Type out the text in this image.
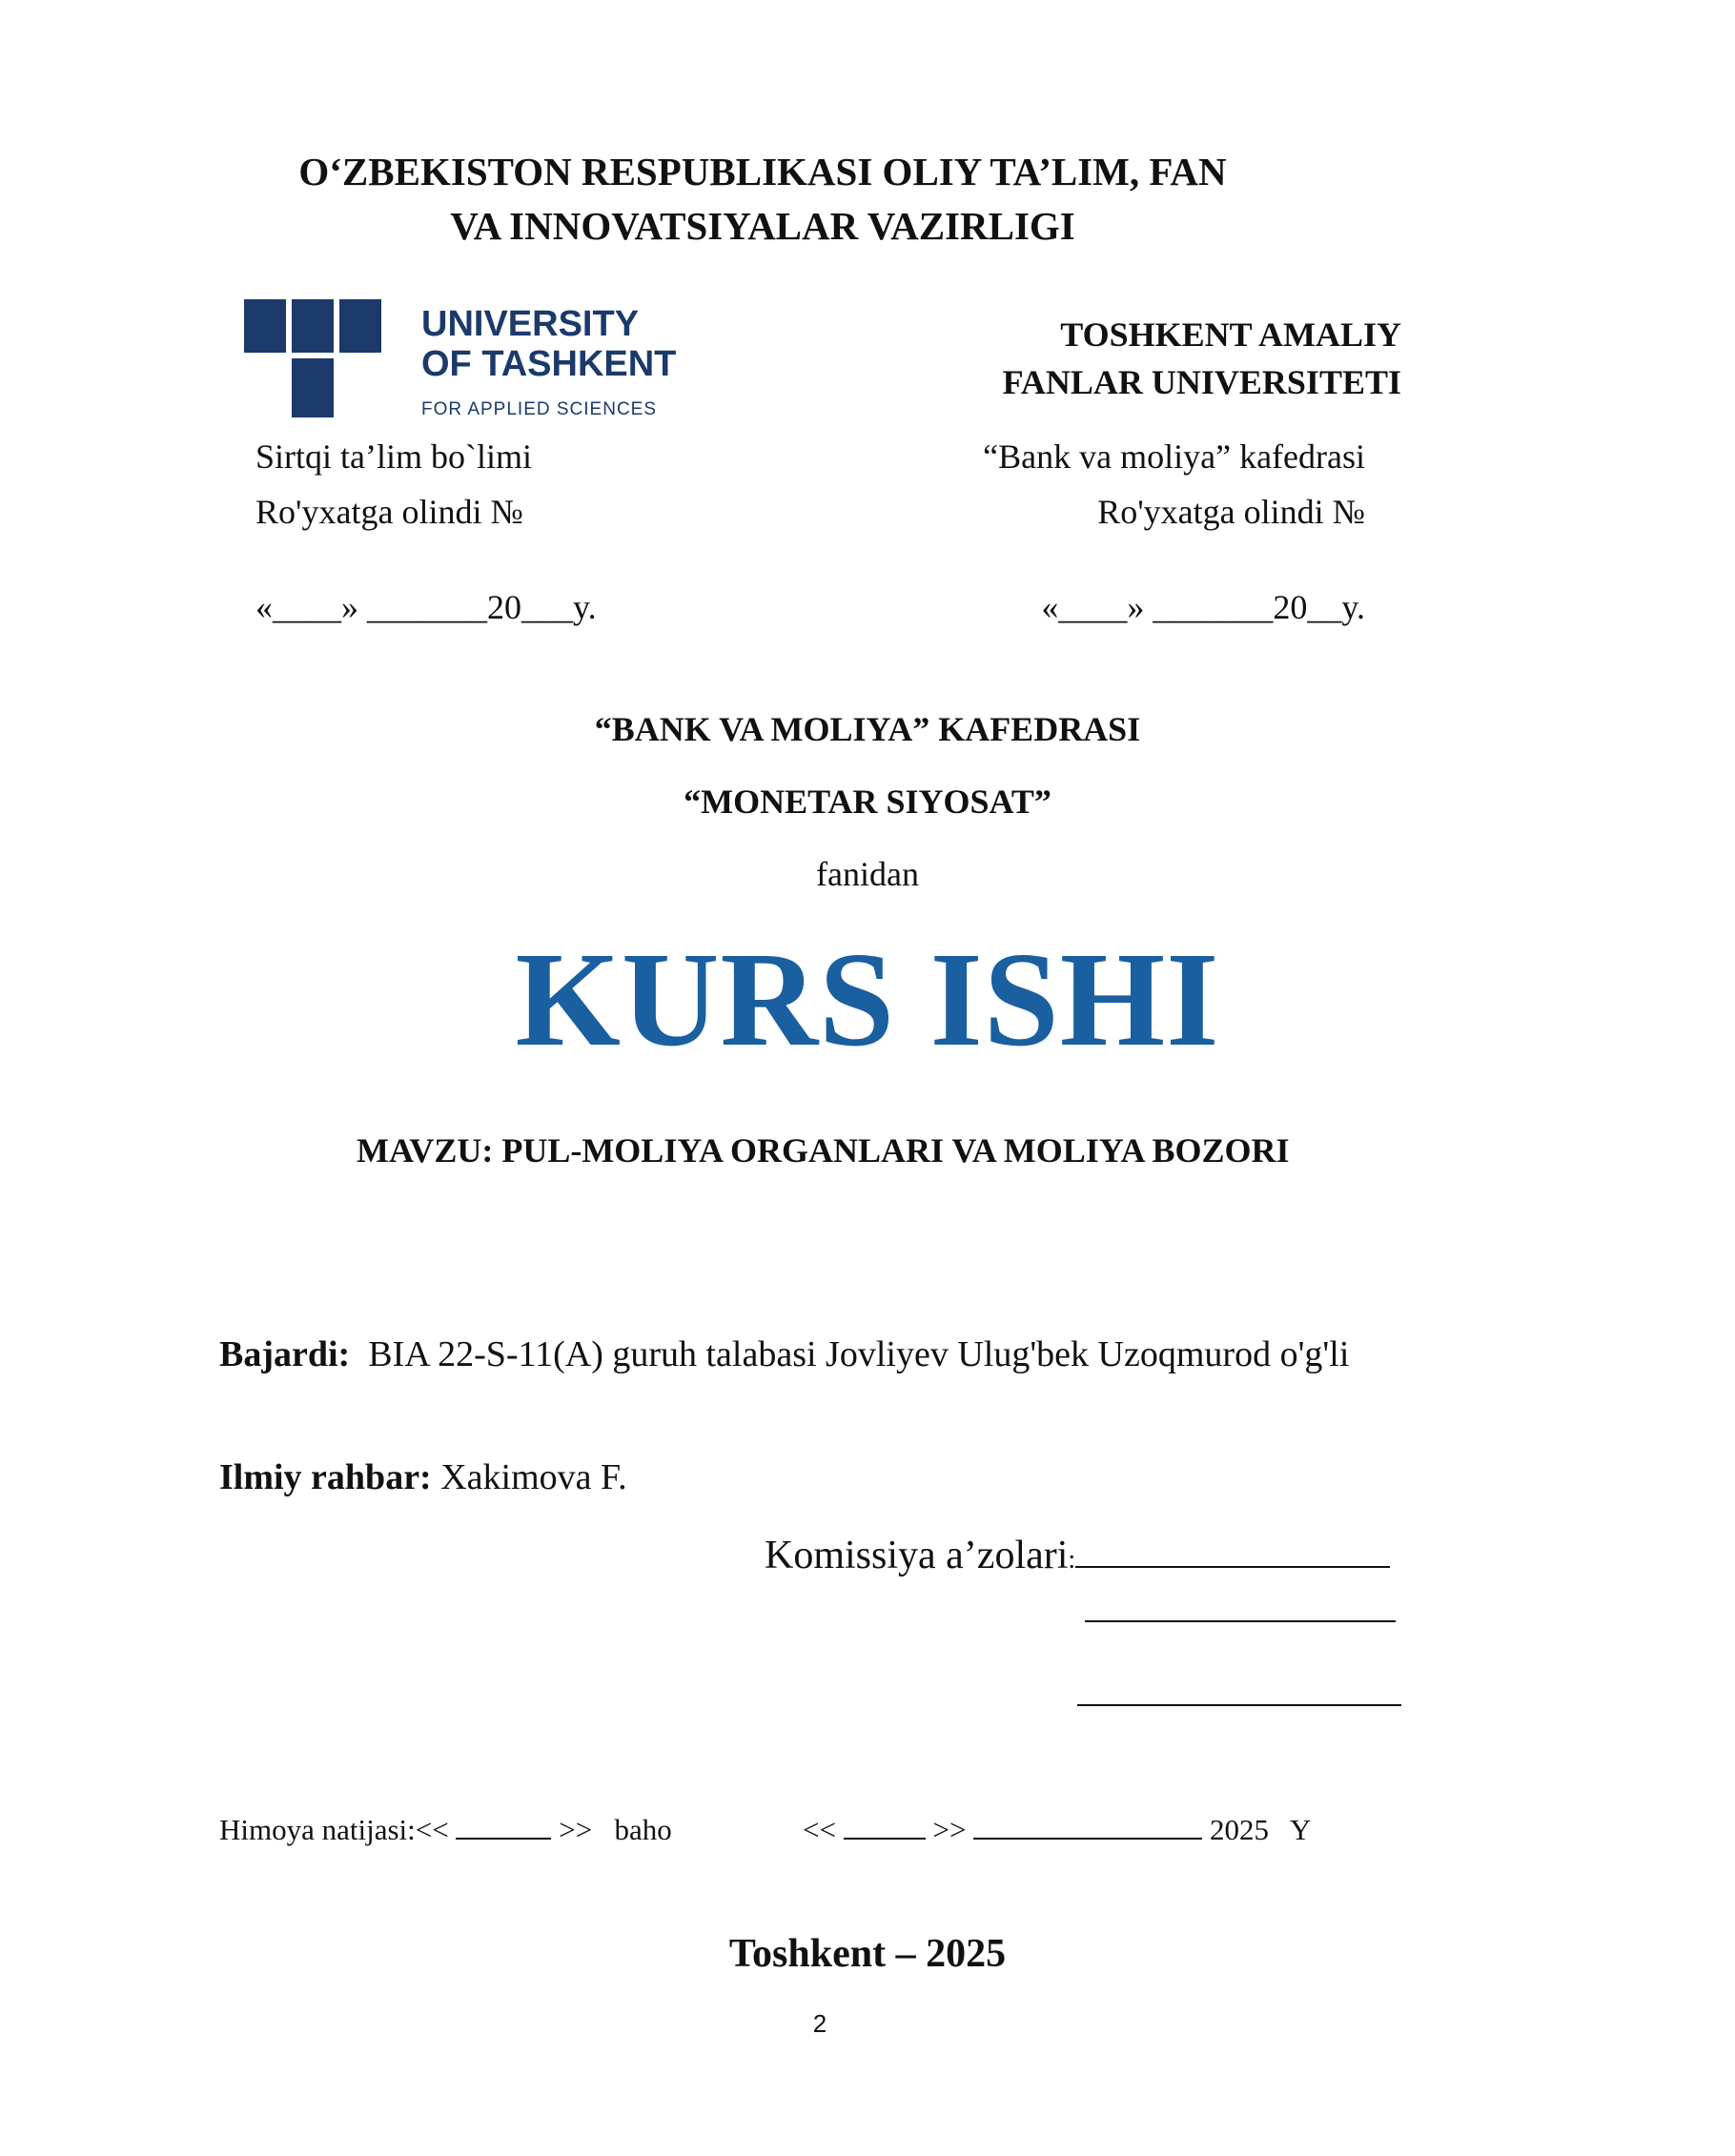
O‘ZBEKISTON RESPUBLIKASI OLIY TA’LIM, FAN
VA INNOVATSIYALAR VAZIRLIGI
UNIVERSITY
OF TASHKENT
FOR APPLIED SCIENCES
TOSHKENT AMALIY
FANLAR UNIVERSITETI
Sirtqi ta’lim bo`limi	“Bank va moliya” kafedrasi
Ro'yxatga olindi №	Ro'yxatga olindi №
«____» _______20___y.	«____» _______20__y.
“BANK VA MOLIYA” KAFEDRASI
“MONETAR SIYOSAT”
fanidan
KURS ISHI
MAVZU: PUL-MOLIYA ORGANLARI VA MOLIYA BOZORI
Bajardi: BIA 22-S-11(A) guruh talabasi Jovliyev Ulug'bek Uzoqmurod o'g'li
Ilmiy rahbar: Xakimova F.
Komissiya a’zolari:
Himoya natijasi:<<	>> baho	<<	>>	2025 Y
Toshkent – 2025
2
